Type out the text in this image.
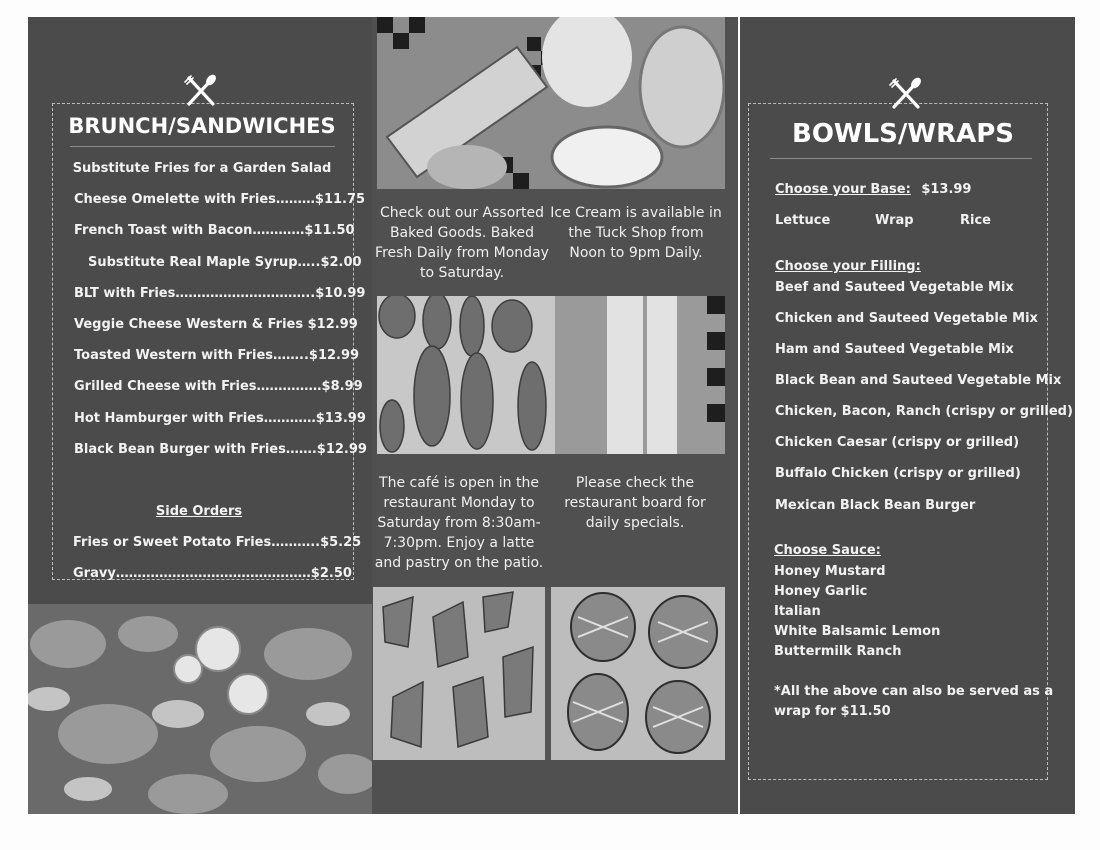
BRUNCH/SANDWICHES
Substitute Fries for a Garden Salad
Cheese Omelette with Fries………$11.75
French Toast with Bacon…………$11.50
Substitute Real Maple Syrup…..$2.00
BLT with Fries…………………………..$10.99
Veggie Cheese Western & Fries $12.99
Toasted Western with Fries……..$12.99
Grilled Cheese with Fries……………$8.99
Hot Hamburger with Fries…………$13.99
Black Bean Burger with Fries…….$12.99
Side Orders
Fries or Sweet Potato Fries………..$5.25
Gravy………………………………………$2.50
Check out our Assorted Baked Goods. Baked Fresh Daily from Monday to Saturday.
Ice Cream is available in the Tuck Shop from Noon to 9pm Daily.
The café is open in the restaurant Monday to Saturday from 8:30am-7:30pm. Enjoy a latte and pastry on the patio.
Please check the restaurant board for daily specials.
BOWLS/WRAPS
Choose your Base: $13.99
Lettuce	Wrap	Rice
Choose your Filling:
Beef and Sauteed Vegetable Mix
Chicken and Sauteed Vegetable Mix
Ham and Sauteed Vegetable Mix
Black Bean and Sauteed Vegetable Mix
Chicken, Bacon, Ranch (crispy or grilled)
Chicken Caesar (crispy or grilled)
Buffalo Chicken (crispy or grilled)
Mexican Black Bean Burger
Choose Sauce:
Honey Mustard
Honey Garlic
Italian
White Balsamic Lemon
Buttermilk Ranch
*All the above can also be served as a
wrap for $11.50
